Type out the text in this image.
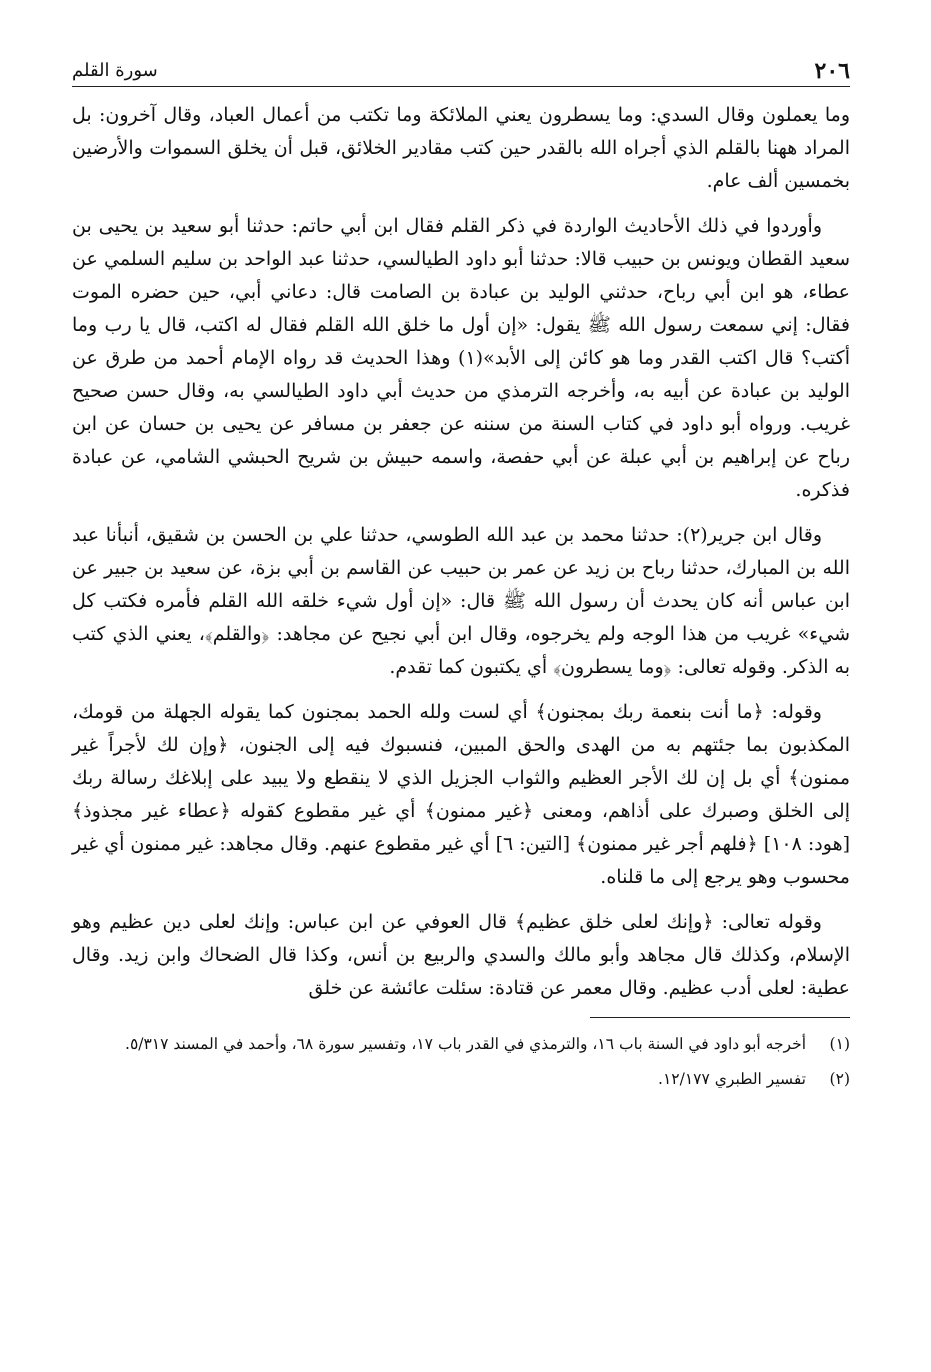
٢٠٦
سورة القلم

وما يعملون وقال السدي: وما يسطرون يعني الملائكة وما تكتب من أعمال العباد، وقال آخرون: بل المراد ههنا بالقلم الذي أجراه الله بالقدر حين كتب مقادير الخلائق، قبل أن يخلق السموات والأرضين بخمسين ألف عام.

وأوردوا في ذلك الأحاديث الواردة في ذكر القلم فقال ابن أبي حاتم: حدثنا أبو سعيد بن يحيى بن سعيد القطان ويونس بن حبيب قالا: حدثنا أبو داود الطيالسي، حدثنا عبد الواحد بن سليم السلمي عن عطاء، هو ابن أبي رباح، حدثني الوليد بن عبادة بن الصامت قال: دعاني أبي، حين حضره الموت فقال: إني سمعت رسول الله ﷺ يقول: «إن أول ما خلق الله القلم فقال له اكتب، قال يا رب وما أكتب؟ قال اكتب القدر وما هو كائن إلى الأبد»(١) وهذا الحديث قد رواه الإمام أحمد من طرق عن الوليد بن عبادة عن أبيه به، وأخرجه الترمذي من حديث أبي داود الطيالسي به، وقال حسن صحيح غريب. ورواه أبو داود في كتاب السنة من سننه عن جعفر بن مسافر عن يحيى بن حسان عن ابن رباح عن إبراهيم بن أبي عبلة عن أبي حفصة، واسمه حبيش بن شريح الحبشي الشامي، عن عبادة فذكره.

وقال ابن جرير(٢): حدثنا محمد بن عبد الله الطوسي، حدثنا علي بن الحسن بن شقيق، أنبأنا عبد الله بن المبارك، حدثنا رباح بن زيد عن عمر بن حبيب عن القاسم بن أبي بزة، عن سعيد بن جبير عن ابن عباس أنه كان يحدث أن رسول الله ﷺ قال: «إن أول شيء خلقه الله القلم فأمره فكتب كل شيء» غريب من هذا الوجه ولم يخرجوه، وقال ابن أبي نجيح عن مجاهد: ﴿والقلم﴾، يعني الذي كتب به الذكر. وقوله تعالى: ﴿وما يسطرون﴾ أي يكتبون كما تقدم.

وقوله: ﴿ما أنت بنعمة ربك بمجنون﴾ أي لست ولله الحمد بمجنون كما يقوله الجهلة من قومك، المكذبون بما جئتهم به من الهدى والحق المبين، فنسبوك فيه إلى الجنون، ﴿وإن لك لأجراً غير ممنون﴾ أي بل إن لك الأجر العظيم والثواب الجزيل الذي لا ينقطع ولا يبيد على إبلاغك رسالة ربك إلى الخلق وصبرك على أذاهم، ومعنى ﴿غير ممنون﴾ أي غير مقطوع كقوله ﴿عطاء غير مجذوذ﴾ [هود: ١٠٨] ﴿فلهم أجر غير ممنون﴾ [التين: ٦] أي غير مقطوع عنهم. وقال مجاهد: غير ممنون أي غير محسوب وهو يرجع إلى ما قلناه.

وقوله تعالى: ﴿وإنك لعلى خلق عظيم﴾ قال العوفي عن ابن عباس: وإنك لعلى دين عظيم وهو الإسلام، وكذلك قال مجاهد وأبو مالك والسدي والربيع بن أنس، وكذا قال الضحاك وابن زيد. وقال عطية: لعلى أدب عظيم. وقال معمر عن قتادة: سئلت عائشة عن خلق

(١)
أخرجه أبو داود في السنة باب ١٦، والترمذي في القدر باب ١٧، وتفسير سورة ٦٨، وأحمد في المسند ٥/٣١٧.
(٢)
تفسير الطبري ١٢/١٧٧.
